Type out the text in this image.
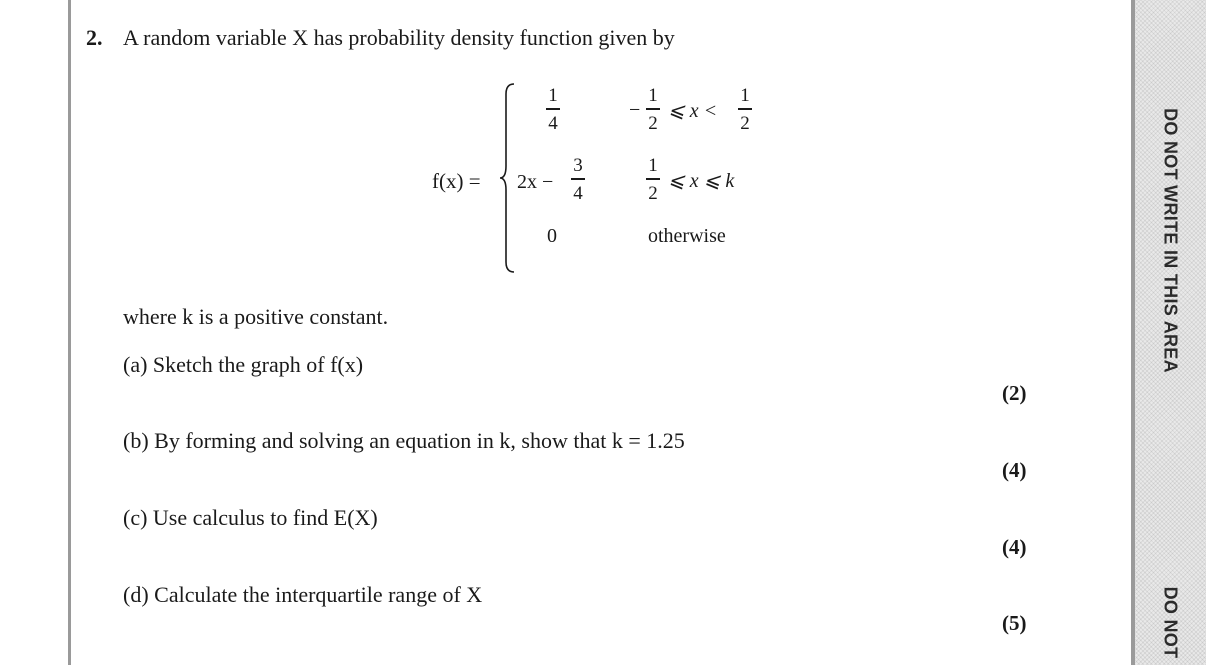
DO NOT WRITE IN THIS AREA
DO NOT
2. A random variable X has probability density function given by
f(x) =
1
4
−
1
2
⩽ x <
1
2
2x −
3
4
1
2
⩽ x ⩽ k
0	otherwise
where k is a positive constant.
(a) Sketch the graph of f(x)
(2)
(b) By forming and solving an equation in k, show that k = 1.25
(4)
(c) Use calculus to find E(X)
(4)
(d) Calculate the interquartile range of X
(5)
